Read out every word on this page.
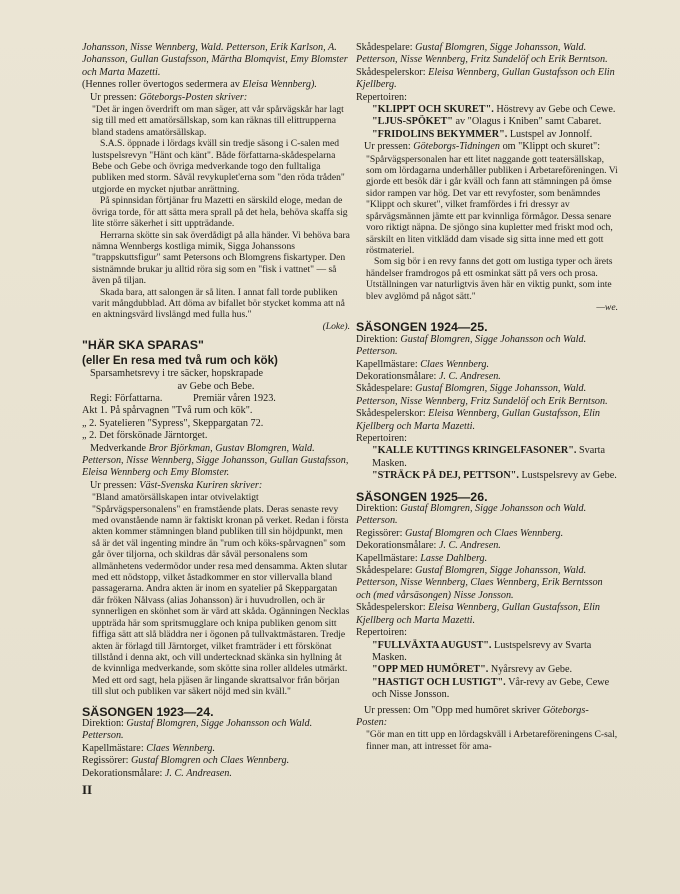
Johansson, Nisse Wennberg, Wald. Petterson, Erik Karlson, A. Johansson, Gullan Gustafsson, Märtha Blomqvist, Emy Blomster och Marta Mazetti.

(Hennes roller övertogos sedermera av Eleisa Wennberg).

Ur pressen: Göteborgs-Posten skriver:

"Det är ingen överdrift om man säger, att vår spårvägskår har lagt sig till med ett amatörsällskap, som kan räknas till elittrupperna bland stadens amatörsällskap.

S.A.S. öppnade i lördags kväll sin tredje säsong i C-salen med lustspelsrevyn "Hänt och känt". Både författarna-skådespelarna Bebe och Gebe och övriga medverkande togo den fulltaliga publiken med storm. Såväl revykuplet'erna som "den röda tråden" utgjorde en mycket njutbar anrättning.

På spinnsidan förtjänar fru Mazetti en särskild eloge, medan de övriga torde, för att sätta mera sprall på det hela, behöva skaffa sig lite större säkerhet i sitt uppträdande.

Herrarna skötte sin sak överdådigt på alla händer. Vi behöva bara nämna Wennbergs kostliga mimik, Sigga Johanssons "trappskuttsfigur" samt Petersons och Blomgrens fiskartyper. Den sistnämnde brukar ju alltid röra sig som en "fisk i vattnet" — så även på tiljan.

Skada bara, att salongen är så liten. I annat fall torde publiken varit mångdubblad. Att döma av bifallet bör stycket komma att nå en aktningsvärd livslängd med fulla hus."

(Loke).

"HÄR SKA SPARAS"

(eller En resa med två rum och kök)

Sparsamhetsrevy i tre säcker, hopskrapade

av Gebe och Bebe.

Regi: Författarna.	Premiär våren 1923.

Akt 1. På spårvagnen "Två rum och kök".

„ 2. Syatelieren "Sypress", Skeppargatan 72.

„ 2. Det förskönade Järntorget.

Medverkande Bror Björkman, Gustav Blomgren, Wald. Petterson, Nisse Wennberg, Sigge Johansson, Gullan Gustafsson, Eleisa Wennberg och Emy Blomster.

Ur pressen: Väst-Svenska Kuriren skriver:

"Bland amatörsällskapen intar otvivelaktigt

"Spårvägspersonalens" en framstående plats. Deras senaste revy med ovanstående namn är faktiskt kronan på verket. Redan i första akten kommer stämningen bland publiken till sin höjdpunkt, men så är det väl ingenting mindre än "rum och köks-spårvagnen" som går över tiljorna, och skildras där såväl personalens som allmänhetens vedermödor under resa med densamma. Akten slutar med ett nödstopp, vilket åstadkommer en stor villervalla bland passagerarna. Andra akten är inom en syatelier på Skeppargatan där fröken Nålvass (alias Johansson) är i huvudrollen, och är synnerligen en skönhet som är värd att skåda. Ogänningen Necklas uppträda här som spritsmugglare och knipa publiken genom sitt fiffiga sätt att slå bläddra ner i ögonen på tullvaktmästaren. Tredje akten är förlagd till Järntorget, vilket framträder i ett förskönat tillstånd i denna akt, och vill undertecknad skänka sin hyllning åt de kvinnliga medverkande, som skötte sina roller alldeles utmärkt. Med ett ord sagt, hela pjäsen är lingande skrattsalvor från början till slut och publiken var säkert nöjd med sin kväll."

SÄSONGEN 1923—24.

Direktion: Gustaf Blomgren, Sigge Johansson och Wald. Petterson.

Kapellmästare: Claes Wennberg.

Regissörer: Gustaf Blomgren och Claes Wennberg.

Dekorationsmålare: J. C. Andreasen.

II

Skådespelare: Gustaf Blomgren, Sigge Johansson, Wald. Petterson, Nisse Wennberg, Fritz Sundelöf och Erik Berntson.

Skådespelerskor: Eleisa Wennberg, Gullan Gustafsson och Elin Kjellberg.

Repertoiren:

"KLIPPT OCH SKURET". Höstrevy av Gebe och Cewe.

"LJUS-SPÖKET" av "Olagus i Kniben" samt Cabaret.

"FRIDOLINS BEKYMMER". Lustspel av Jonnolf.

Ur pressen: Göteborgs-Tidningen om "Klippt och skuret":

"Spårvägspersonalen har ett litet naggande gott teatersällskap, som om lördagarna underhåller publiken i Arbetareföreningen. Vi gjorde ett besök där i går kväll och fann att stämningen på ömse sidor rampen var hög. Det var ett revyfoster, som benämndes "Klippt och skuret", vilket framfördes i fri dressyr av spårvägsmännen jämte ett par kvinnliga förmågor. Dessa senare voro riktigt näpna. De sjöngo sina kupletter med friskt mod och, särskilt en liten vitklädd dam visade sig sitta inne med ett gott röstmateriel.

Som sig bör i en revy fanns det gott om lustiga typer och ärets händelser framdrogos på ett osminkat sätt på vers och prosa. Utställningen var naturligtvis även här en viktig punkt, som inte blev avglömd på något sätt."

—we.

SÄSONGEN 1924—25.

Direktion: Gustaf Blomgren, Sigge Johansson och Wald. Petterson.

Kapellmästare: Claes Wennberg.

Dekorationsmålare: J. C. Andresen.

Skådespelare: Gustaf Blomgren, Sigge Johansson, Wald. Petterson, Nisse Wennberg, Fritz Sundelöf och Erik Berntson.

Skådespelerskor: Eleisa Wennberg, Gullan Gustafsson, Elin Kjellberg och Marta Mazetti.

Repertoiren:

"KALLE KUTTINGS KRINGELFASONER". Svarta Masken.

"STRÄCK PÅ DEJ, PETTSON". Lustspelsrevy av Gebe.

SÄSONGEN 1925—26.

Direktion: Gustaf Blomgren, Sigge Johansson och Wald. Petterson.

Regissörer: Gustaf Blomgren och Claes Wennberg.

Dekorationsmålare: J. C. Andresen.

Kapellmästare: Lasse Dahlberg.

Skådespelare: Gustaf Blomgren, Sigge Johansson, Wald. Petterson, Nisse Wennberg, Claes Wennberg, Erik Berntsson och (med vårsäsongen) Nisse Jonsson.

Skådespelerskor: Eleisa Wennberg, Gullan Gustafsson, Elin Kjellberg och Marta Mazetti.

Repertoiren:

"FULLVÄXTA AUGUST". Lustspelsrevy av Svarta Masken.

"OPP MED HUMÖRET". Nyårsrevy av Gebe.

"HASTIGT OCH LUSTIGT". Vår-revy av Gebe, Cewe och Nisse Jonsson.

Ur pressen: Om "Opp med humöret skriver Göteborgs-Posten:

"Gör man en titt upp en lördagskväll i Arbetareföreningens C-sal, finner man, att intresset för ama-
